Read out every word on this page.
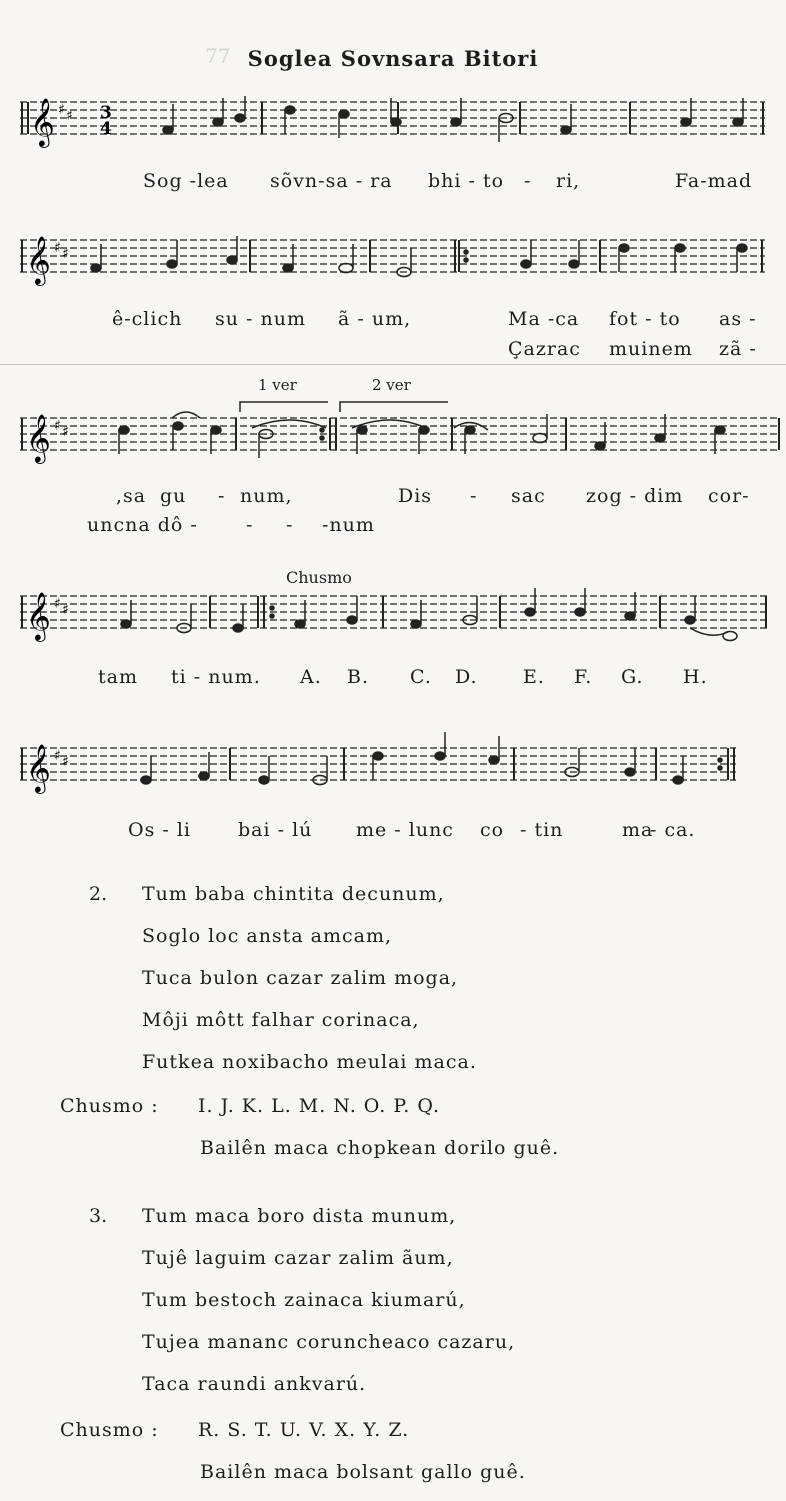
77 Soglea Sovnsara Bitori
𝄞 ♯ ♯ 3
4
Sog -lea sõvn-sa - ra bhi - to - ri,	Fa-mad
𝄞 ♯ ♯
ê-clich su - num ã - um,	Ma -ca fot - to as -
Çazrac muinem zã -
1 ver	2 ver
𝄞 ♯ ♯
,sa gu - num,	Dis - sac zog - dim cor-
uncna dô -	- - -num
Chusmo
𝄞 ♯ ♯
tam ti - num. A. B. C. D. E. F. G. H.
𝄞 ♯ ♯
Os - li bai - lú me - lunc co - tin	ma
- ca.
2. Tum baba chintita decunum,
Soglo loc ansta amcam,
Tuca bulon cazar zalim moga,
Môji môtt falhar corinaca,
Futkea noxibacho meulai maca.
Chusmo : I. J. K. L. M. N. O. P. Q.
Bailên maca chopkean dorilo guê.
3. Tum maca boro dista munum,
Tujê laguim cazar zalim ãum,
Tum bestoch zainaca kiumarú,
Tujea mananc coruncheaco cazaru,
Taca raundi ankvarú.
Chusmo : R. S. T. U. V. X. Y. Z.
Bailên maca bolsant gallo guê.
